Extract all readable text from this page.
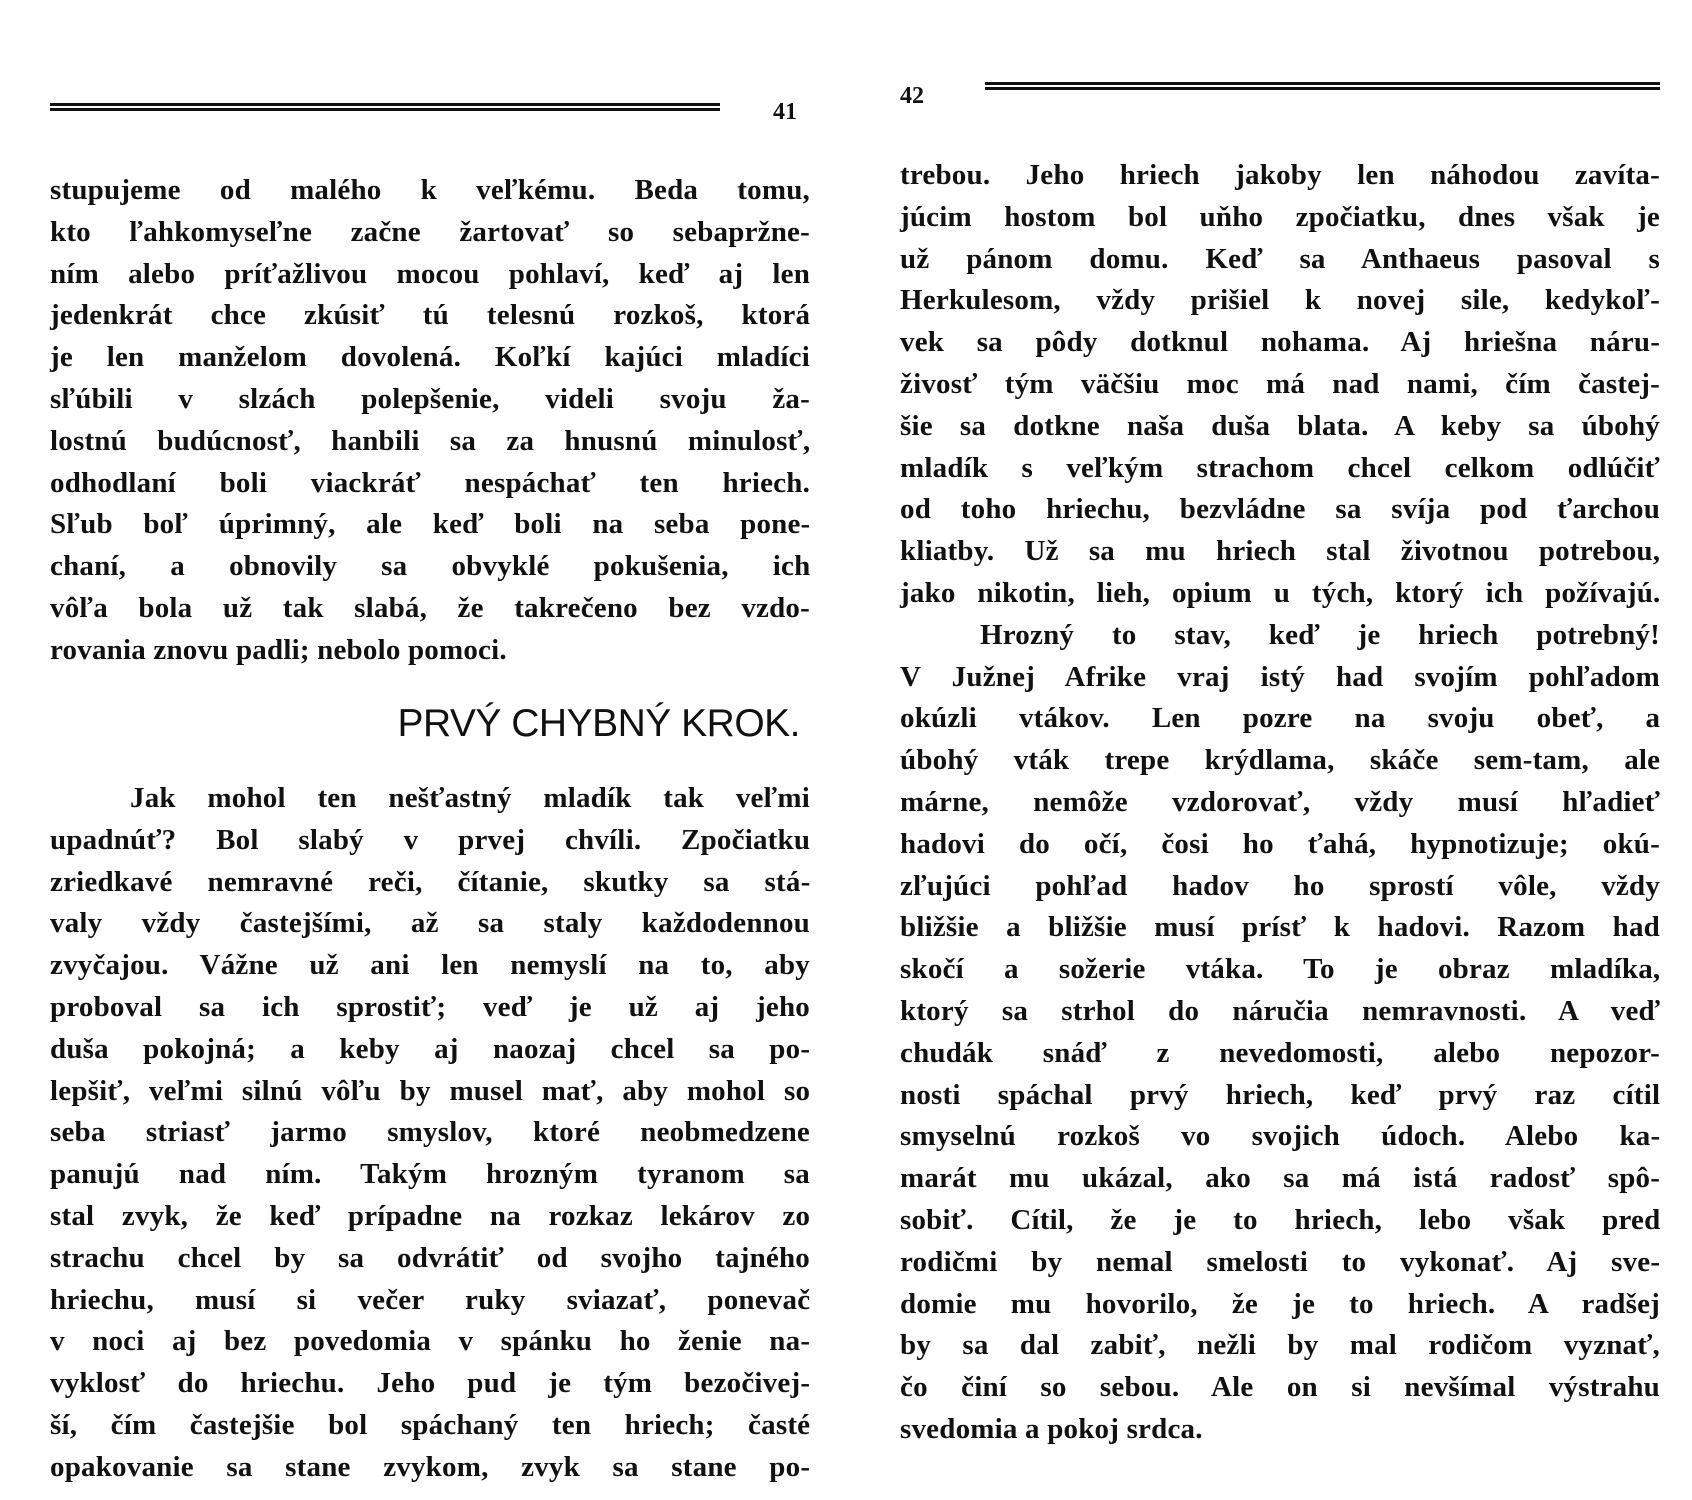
41
stupujeme od malého k veľkému. Beda tomu,
kto ľahkomyseľne začne žartovať so sebapržne-
ním alebo príťažlivou mocou pohlaví, keď aj len
jedenkrát chce zkúsiť tú telesnú rozkoš, ktorá
je len manželom dovolená. Koľkí kajúci mladíci
sľúbili v slzách polepšenie, videli svoju ža-
lostnú budúcnosť, hanbili sa za hnusnú minulosť,
odhodlaní boli viackráť nespáchať ten hriech.
Sľub boľ úprimný, ale keď boli na seba pone-
chaní, a obnovily sa obvyklé pokušenia, ich
vôľa bola už tak slabá, že takrečeno bez vzdo-
rovania znovu padli; nebolo pomoci.
PRVÝ CHYBNÝ KROK.
Jak mohol ten nešťastný mladík tak veľmi
upadnúť? Bol slabý v prvej chvíli. Zpočiatku
zriedkavé nemravné reči, čítanie, skutky sa stá-
valy vždy častejšími, až sa staly každodennou
zvyčajou. Vážne už ani len nemyslí na to, aby
proboval sa ich sprostiť; veď je už aj jeho
duša pokojná; a keby aj naozaj chcel sa po-
lepšiť, veľmi silnú vôľu by musel mať, aby mohol so
seba striasť jarmo smyslov, ktoré neobmedzene
panujú nad ním. Takým hrozným tyranom sa
stal zvyk, že keď prípadne na rozkaz lekárov zo
strachu chcel by sa odvrátiť od svojho tajného
hriechu, musí si večer ruky sviazať, ponevač
v noci aj bez povedomia v spánku ho ženie na-
vyklosť do hriechu. Jeho pud je tým bezočivej-
ší, čím častejšie bol spáchaný ten hriech; časté
opakovanie sa stane zvykom, zvyk sa stane po-
42
trebou. Jeho hriech jakoby len náhodou zavíta-
júcim hostom bol uňho zpočiatku, dnes však je
už pánom domu. Keď sa Anthaeus pasoval s
Herkulesom, vždy prišiel k novej sile, kedykoľ-
vek sa pôdy dotknul nohama. Aj hriešna náru-
živosť tým väčšiu moc má nad nami, čím častej-
šie sa dotkne naša duša blata. A keby sa úbohý
mladík s veľkým strachom chcel celkom odlúčiť
od toho hriechu, bezvládne sa svíja pod ťarchou
kliatby. Už sa mu hriech stal životnou potrebou,
jako nikotin, lieh, opium u tých, ktorý ich požívajú.
Hrozný to stav, keď je hriech potrebný!
V Južnej Afrike vraj istý had svojím pohľadom
okúzli vtákov. Len pozre na svoju obeť, a
úbohý vták trepe krýdlama, skáče sem-tam, ale
márne, nemôže vzdorovať, vždy musí hľadieť
hadovi do očí, čosi ho ťahá, hypnotizuje; okú-
zľujúci pohľad hadov ho sprostí vôle, vždy
bližšie a bližšie musí prísť k hadovi. Razom had
skočí a sožerie vtáka. To je obraz mladíka,
ktorý sa strhol do náručia nemravnosti. A veď
chudák snáď z nevedomosti, alebo nepozor-
nosti spáchal prvý hriech, keď prvý raz cítil
smyselnú rozkoš vo svojich údoch. Alebo ka-
marát mu ukázal, ako sa má istá radosť spô-
sobiť. Cítil, že je to hriech, lebo však pred
rodičmi by nemal smelosti to vykonať. Aj sve-
domie mu hovorilo, že je to hriech. A radšej
by sa dal zabiť, nežli by mal rodičom vyznať,
čo činí so sebou. Ale on si nevšímal výstrahu
svedomia a pokoj srdca.
